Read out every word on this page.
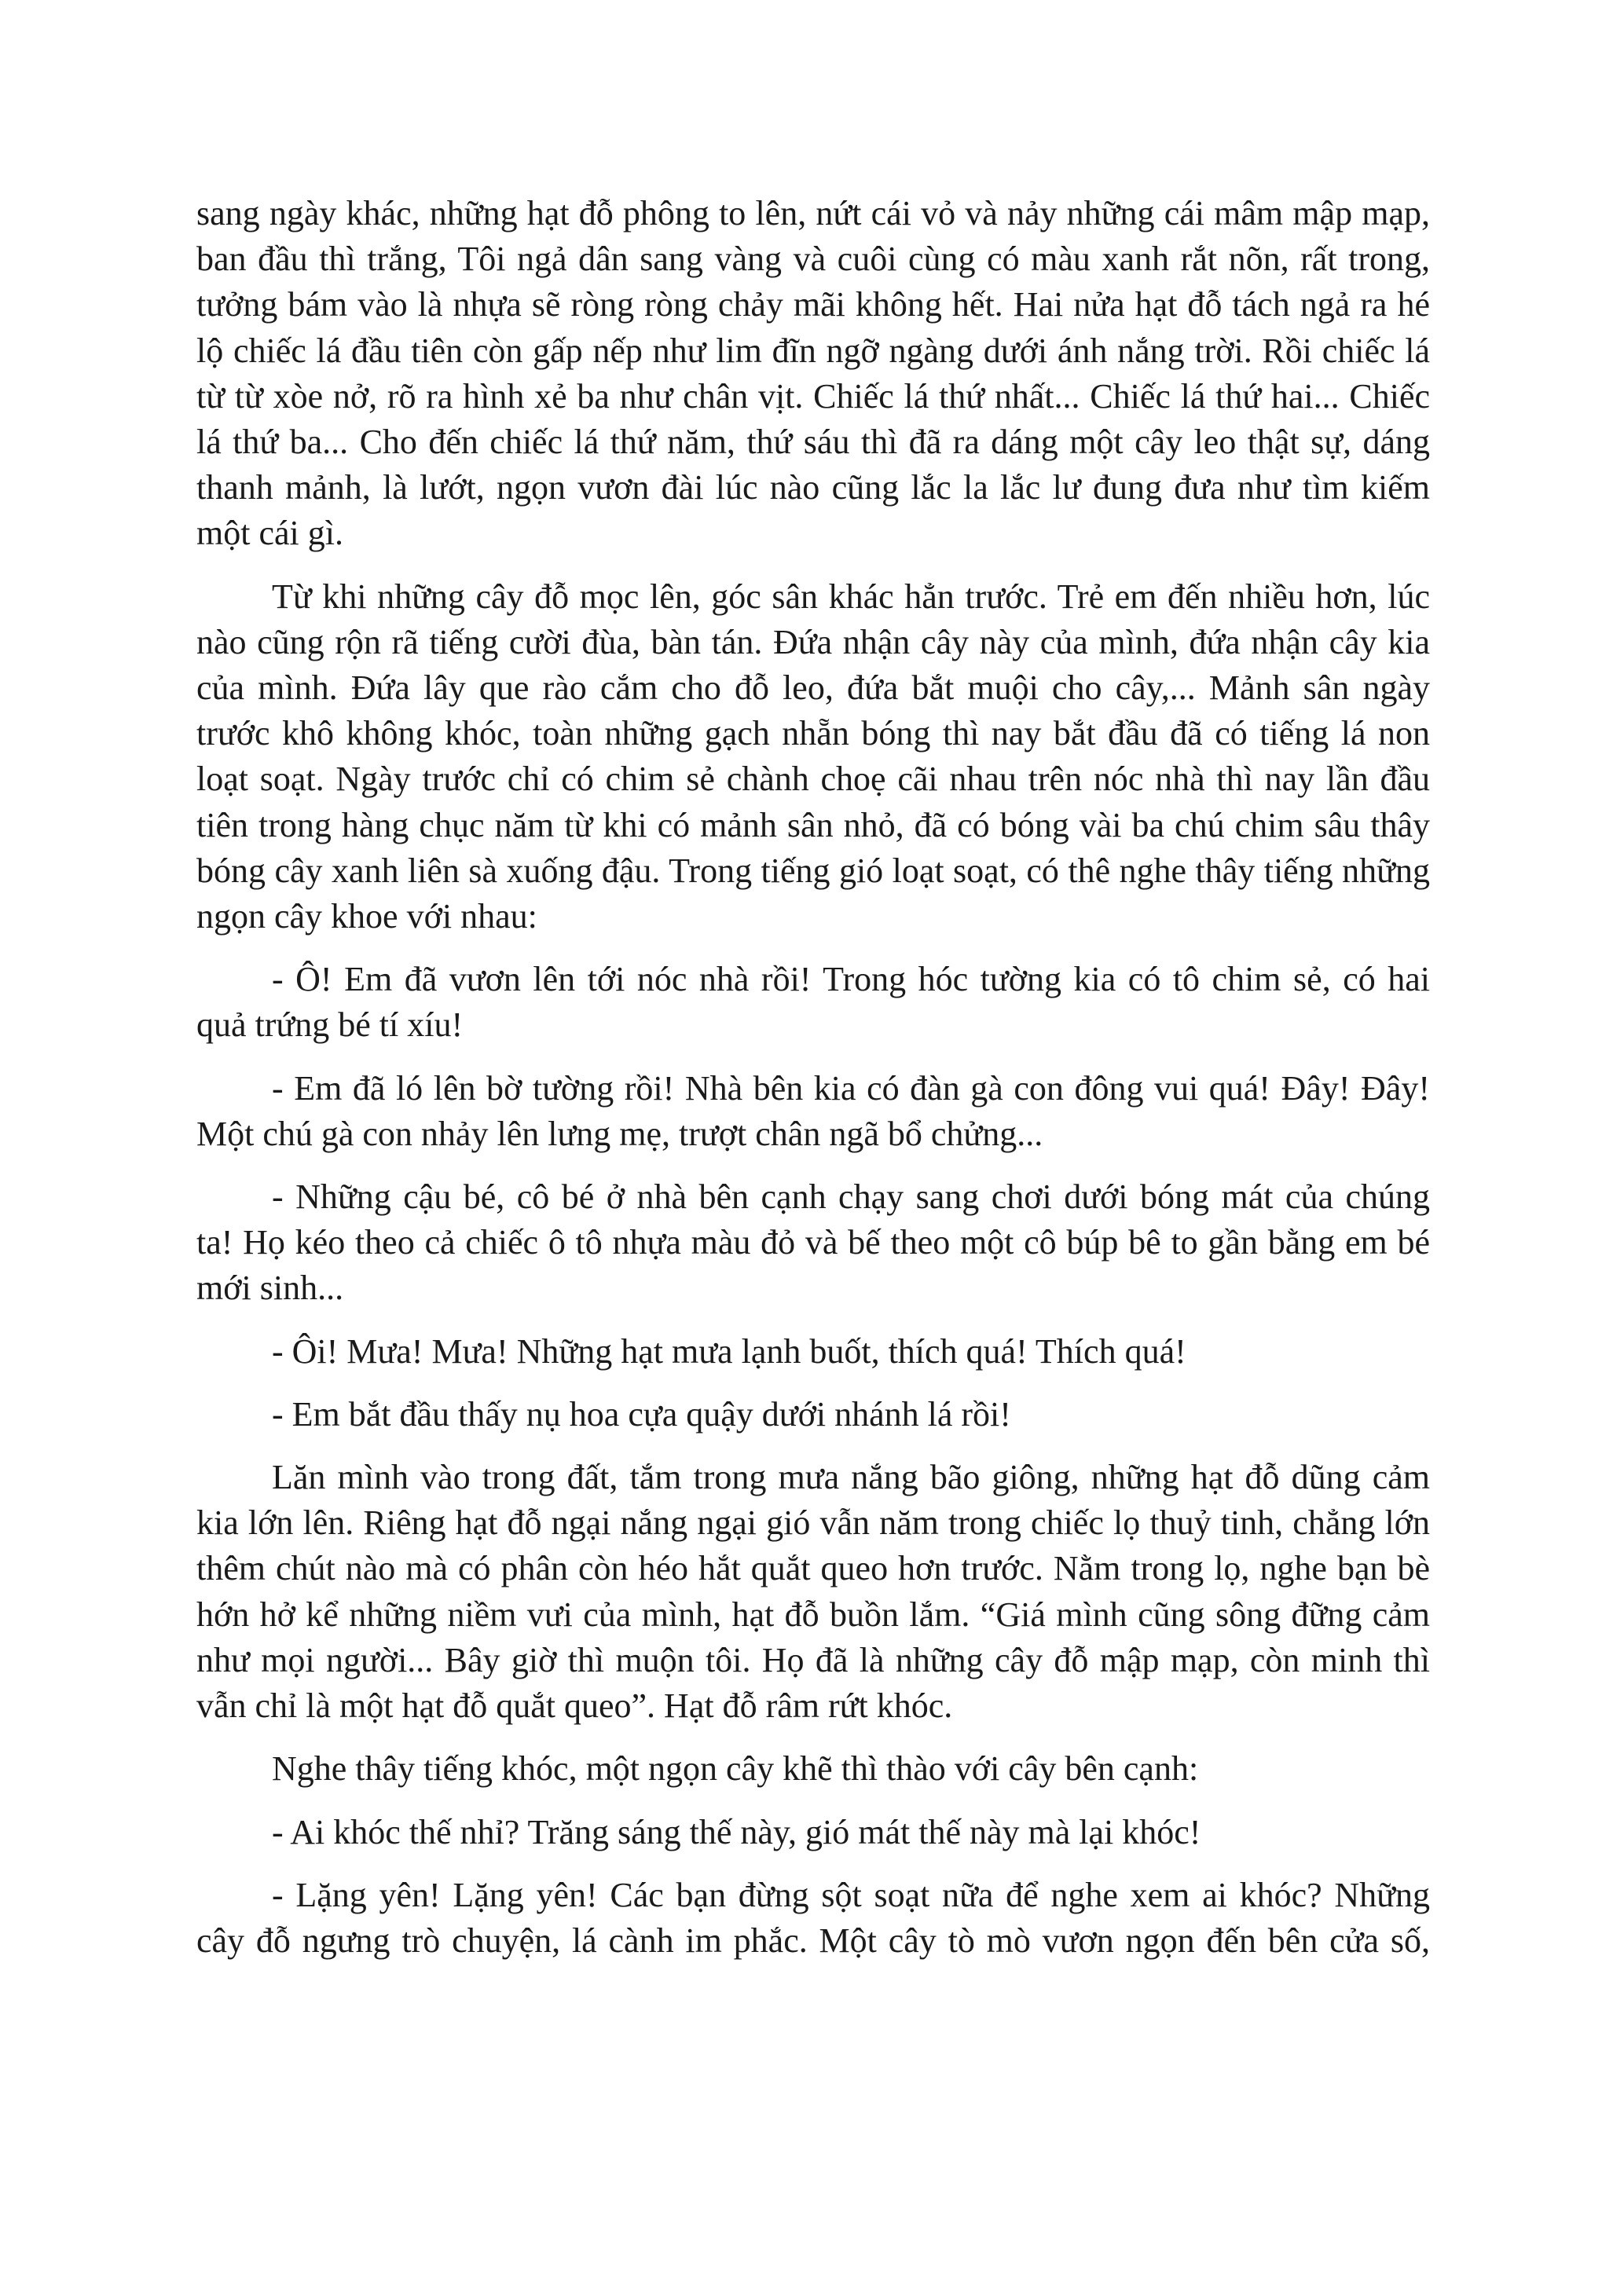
sang ngày khác, những hạt đỗ phông to lên, nứt cái vỏ và nảy những cái mâm mập mạp,
ban đầu thì trắng, Tôi ngả dân sang vàng và cuôi cùng có màu xanh rắt nõn, rất trong,
tưởng bám vào là nhựa sẽ ròng ròng chảy mãi không hết. Hai nửa hạt đỗ tách ngả ra hé
lộ chiếc lá đầu tiên còn gấp nếp như lim đĩn ngỡ ngàng dưới ánh nắng trời. Rồi chiếc lá
từ từ xòe nở, rõ ra hình xẻ ba như chân vịt. Chiếc lá thứ nhất... Chiếc lá thứ hai... Chiếc
lá thứ ba... Cho đến chiếc lá thứ năm, thứ sáu thì đã ra dáng một cây leo thật sự, dáng
thanh mảnh, là lướt, ngọn vươn đài lúc nào cũng lắc la lắc lư đung đưa như tìm kiếm
một cái gì.

Từ khi những cây đỗ mọc lên, góc sân khác hẳn trước. Trẻ em đến nhiều hơn, lúc
nào cũng rộn rã tiếng cười đùa, bàn tán. Đứa nhận cây này của mình, đứa nhận cây kia
của mình. Đứa lây que rào cắm cho đỗ leo, đứa bắt muội cho cây,... Mảnh sân ngày
trước khô không khóc, toàn những gạch nhẵn bóng thì nay bắt đầu đã có tiếng lá non
loạt soạt. Ngày trước chỉ có chim sẻ chành choẹ cãi nhau trên nóc nhà thì nay lần đầu
tiên trong hàng chục năm từ khi có mảnh sân nhỏ, đã có bóng vài ba chú chim sâu thây
bóng cây xanh liên sà xuống đậu. Trong tiếng gió loạt soạt, có thê nghe thây tiếng những
ngọn cây khoe với nhau:

- Ô! Em đã vươn lên tới nóc nhà rồi! Trong hóc tường kia có tô chim sẻ, có hai
quả trứng bé tí xíu!

- Em đã ló lên bờ tường rồi! Nhà bên kia có đàn gà con đông vui quá! Đây! Đây!
Một chú gà con nhảy lên lưng mẹ, trượt chân ngã bổ chửng...

- Những cậu bé, cô bé ở nhà bên cạnh chạy sang chơi dưới bóng mát của chúng
ta! Họ kéo theo cả chiếc ô tô nhựa màu đỏ và bế theo một cô búp bê to gần bằng em bé
mới sinh...

- Ôi! Mưa! Mưa! Những hạt mưa lạnh buốt, thích quá! Thích quá!

- Em bắt đầu thấy nụ hoa cựa quậy dưới nhánh lá rồi!

Lăn mình vào trong đất, tắm trong mưa nắng bão giông, những hạt đỗ dũng cảm
kia lớn lên. Riêng hạt đỗ ngại nắng ngại gió vẫn năm trong chiếc lọ thuỷ tinh, chẳng lớn
thêm chút nào mà có phân còn héo hắt quắt queo hơn trước. Nằm trong lọ, nghe bạn bè
hớn hở kể những niềm vưi của mình, hạt đỗ buồn lắm. “Giá mình cũng sông đững cảm
như mọi người... Bây giờ thì muộn tôi. Họ đã là những cây đỗ mập mạp, còn minh thì
vẫn chỉ là một hạt đỗ quắt queo”. Hạt đỗ râm rứt khóc.

Nghe thây tiếng khóc, một ngọn cây khẽ thì thào với cây bên cạnh:

- Ai khóc thế nhỉ? Trăng sáng thế này, gió mát thế này mà lại khóc!

- Lặng yên! Lặng yên! Các bạn đừng sột soạt nữa để nghe xem ai khóc? Những
cây đỗ ngưng trò chuyện, lá cành im phắc. Một cây tò mò vươn ngọn đến bên cửa số,
